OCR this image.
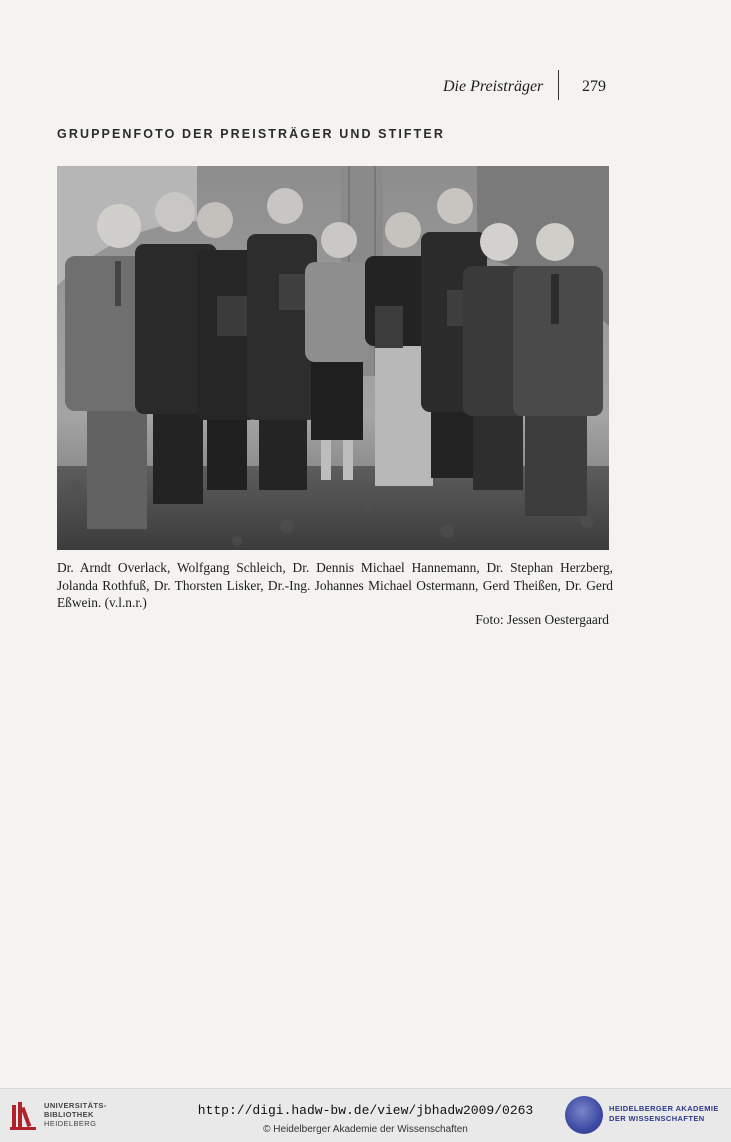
Die Preisträger 279
GRUPPENFOTO DER PREISTRÄGER UND STIFTER

Dr. Arndt Overlack, Wolfgang Schleich, Dr. Dennis Michael Hannemann, Dr. Stephan Herzberg, Jolanda Rothfuß, Dr. Thorsten Lisker, Dr.-Ing. Johannes Michael Ostermann, Gerd Theißen, Dr. Gerd Eßwein. (v.l.n.r.)

Foto: Jessen Oestergaard
UNIVERSITÄTS-
BIBLIOTHEK
HEIDELBERG
http://digi.hadw-bw.de/view/jbhadw2009/0263
© Heidelberger Akademie der Wissenschaften
HEIDELBERGER AKADEMIE
DER WISSENSCHAFTEN
